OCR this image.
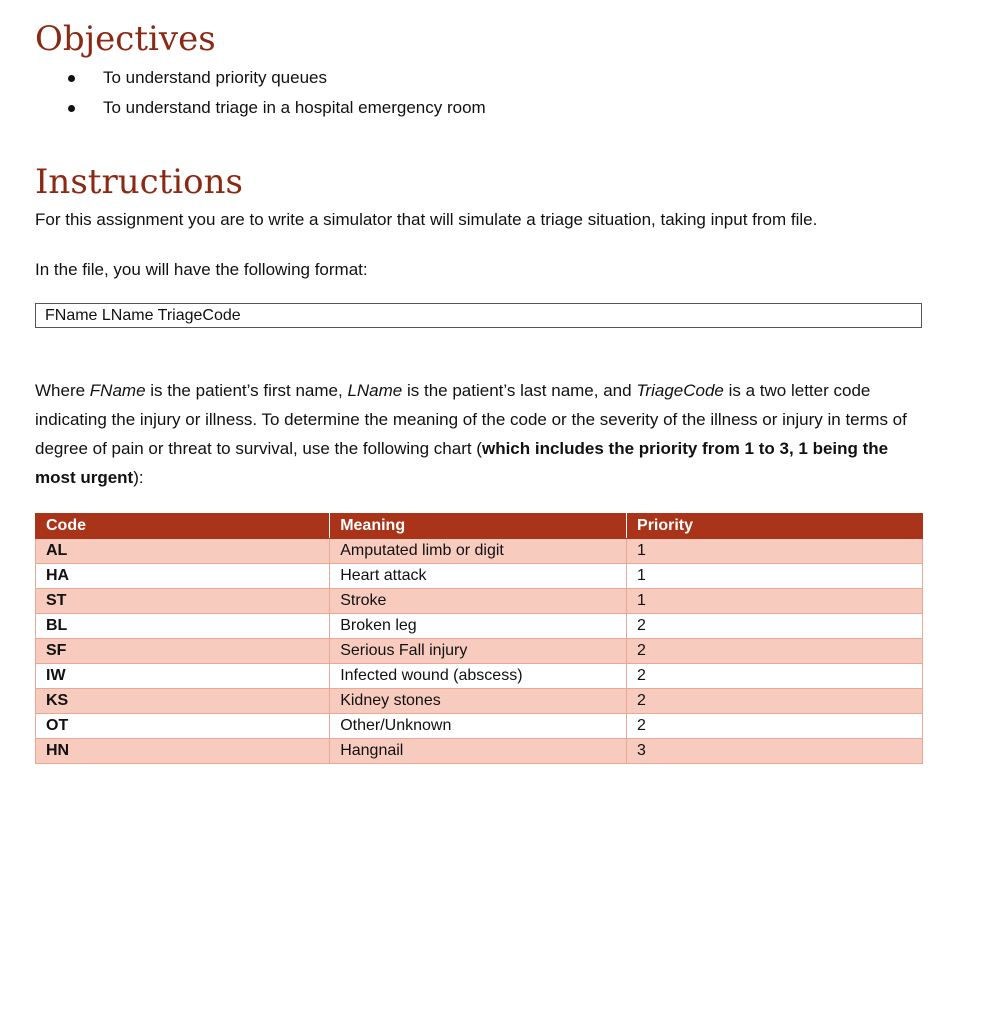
Objectives
To understand priority queues
To understand triage in a hospital emergency room
Instructions

For this assignment you are to write a simulator that will simulate a triage situation, taking input from file.

In the file, you will have the following format:

FName LName TriageCode

Where FName is the patient’s first name, LName is the patient’s last name, and TriageCode is a two letter code indicating the injury or illness. To determine the meaning of the code or the severity of the illness or injury in terms of degree of pain or threat to survival, use the following chart (which includes the priority from 1 to 3, 1 being the most urgent):

Code	Meaning	Priority
AL	Amputated limb or digit	1
HA	Heart attack	1
ST	Stroke	1
BL	Broken leg	2
SF	Serious Fall injury	2
IW	Infected wound (abscess)	2
KS	Kidney stones	2
OT	Other/Unknown	2
HN	Hangnail	3
